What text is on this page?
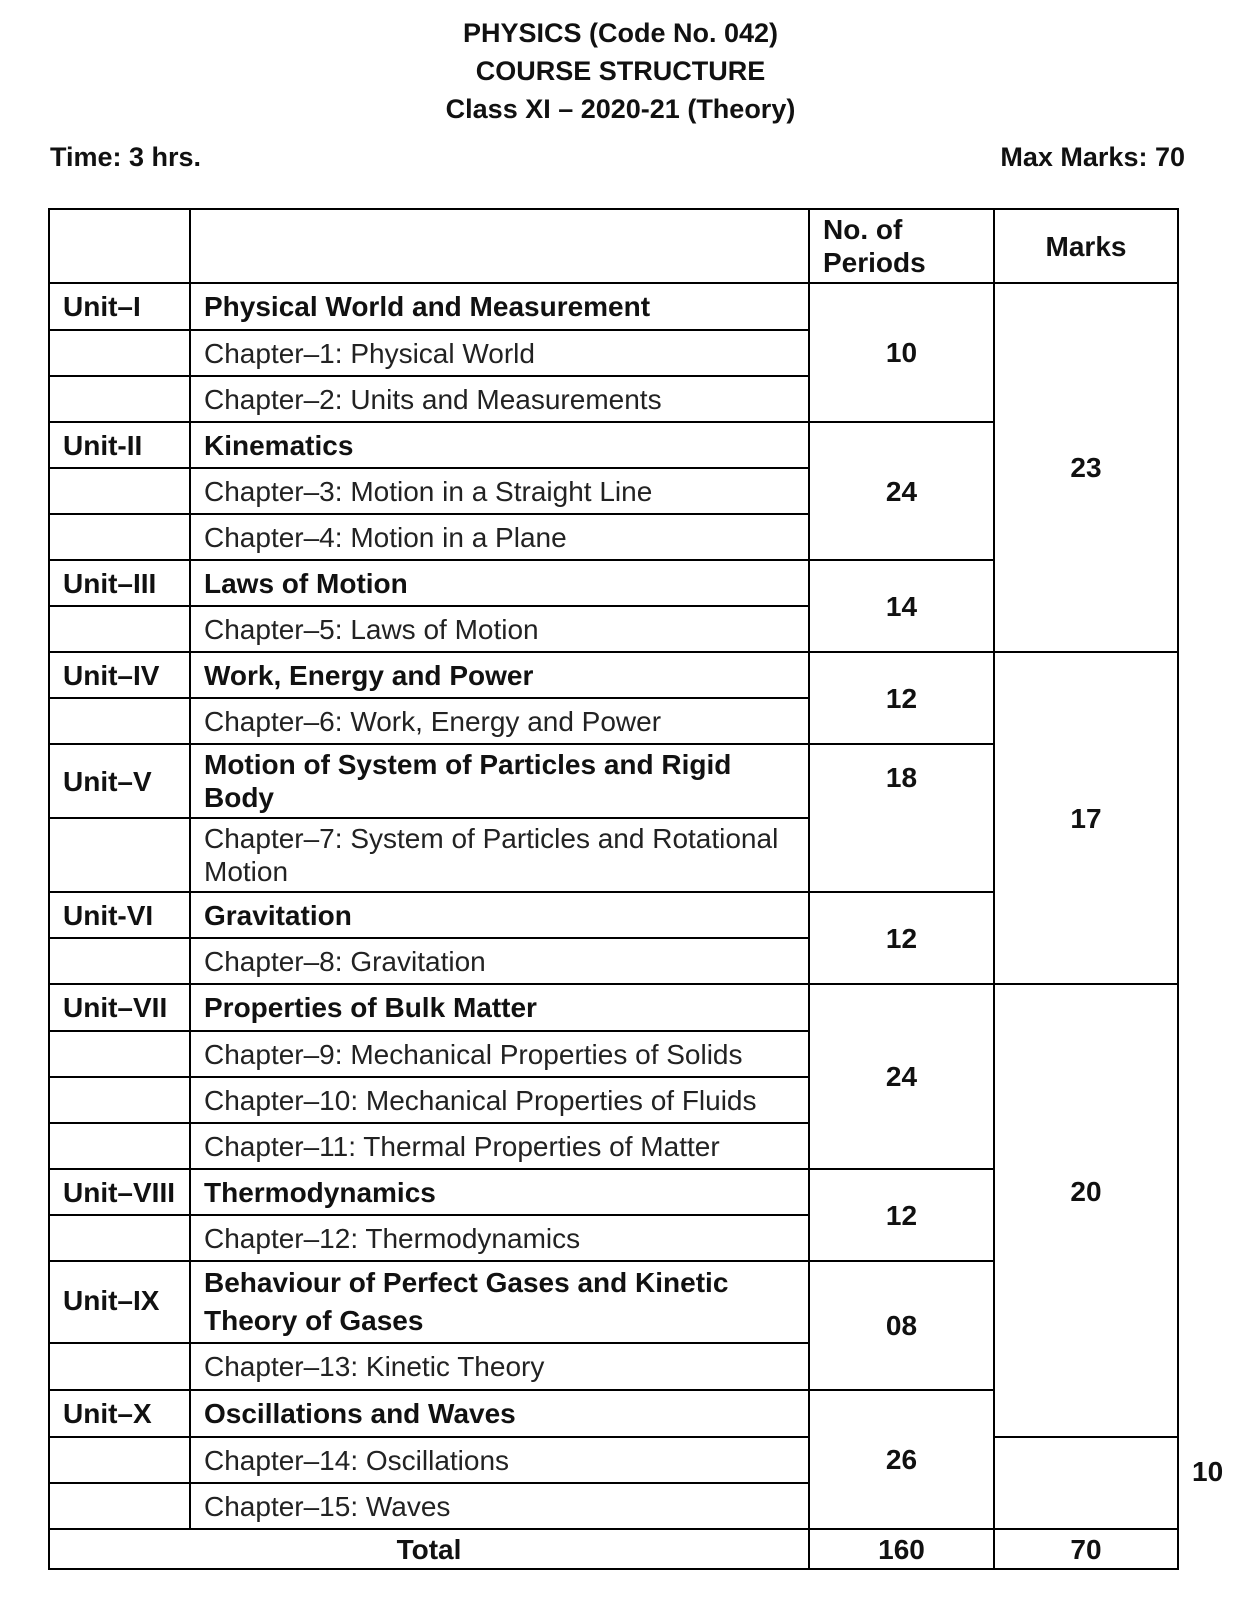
PHYSICS (Code No. 042)
COURSE STRUCTURE
Class XI – 2020-21 (Theory)
Time: 3 hrs.	Max Marks: 70
		No. of Periods	Marks	
Unit–I	Physical World and Measurement	10	23	
	Chapter–1: Physical World			
	Chapter–2: Units and Measurements			
Unit-II	Kinematics	24		
	Chapter–3: Motion in a Straight Line			
	Chapter–4: Motion in a Plane			
Unit–III	Laws of Motion	14		
	Chapter–5: Laws of Motion			
Unit–IV	Work, Energy and Power	12	17	
	Chapter–6: Work, Energy and Power			
Unit–V	Motion of System of Particles and Rigid Body	18		
	Chapter–7: System of Particles and Rotational Motion			
Unit-VI	Gravitation	12		
	Chapter–8: Gravitation			
Unit–VII	Properties of Bulk Matter	24	20	
	Chapter–9: Mechanical Properties of Solids			
	Chapter–10: Mechanical Properties of Fluids			
	Chapter–11: Thermal Properties of Matter			
Unit–VIII	Thermodynamics	12		
	Chapter–12: Thermodynamics			
Unit–IX	Behaviour of Perfect Gases and Kinetic Theory of Gases	08		
	Chapter–13: Kinetic Theory			
Unit–X	Oscillations and Waves	26		10
	Chapter–14: Oscillations			
	Chapter–15: Waves			
Total		160	70	
